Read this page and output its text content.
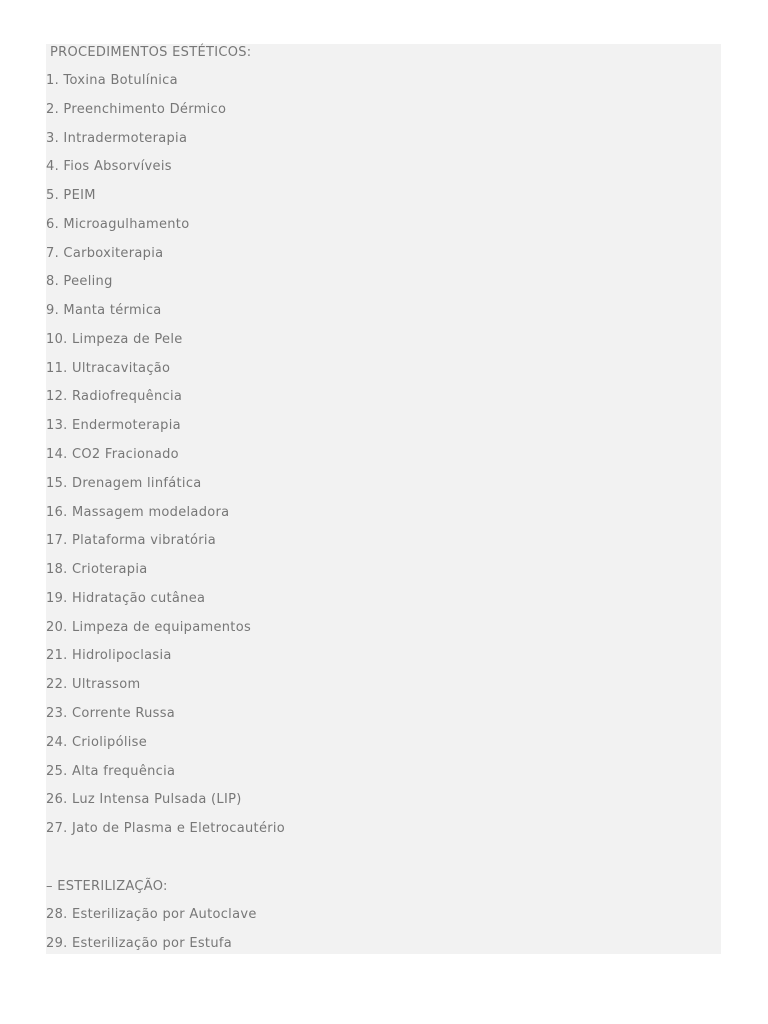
PROCEDIMENTOS ESTÉTICOS:
1. Toxina Botulínica
2. Preenchimento Dérmico
3. Intradermoterapia
4. Fios Absorvíveis
5. PEIM
6. Microagulhamento
7. Carboxiterapia
8. Peeling
9. Manta térmica
10. Limpeza de Pele
11. Ultracavitação
12. Radiofrequência
13. Endermoterapia
14. CO2 Fracionado
15. Drenagem linfática
16. Massagem modeladora
17. Plataforma vibratória
18. Crioterapia
19. Hidratação cutânea
20. Limpeza de equipamentos
21. Hidrolipoclasia
22. Ultrassom
23. Corrente Russa
24. Criolipólise
25. Alta frequência
26. Luz Intensa Pulsada (LIP)
27. Jato de Plasma e Eletrocautério
– ESTERILIZAÇÃO:
28. Esterilização por Autoclave
29. Esterilização por Estufa
